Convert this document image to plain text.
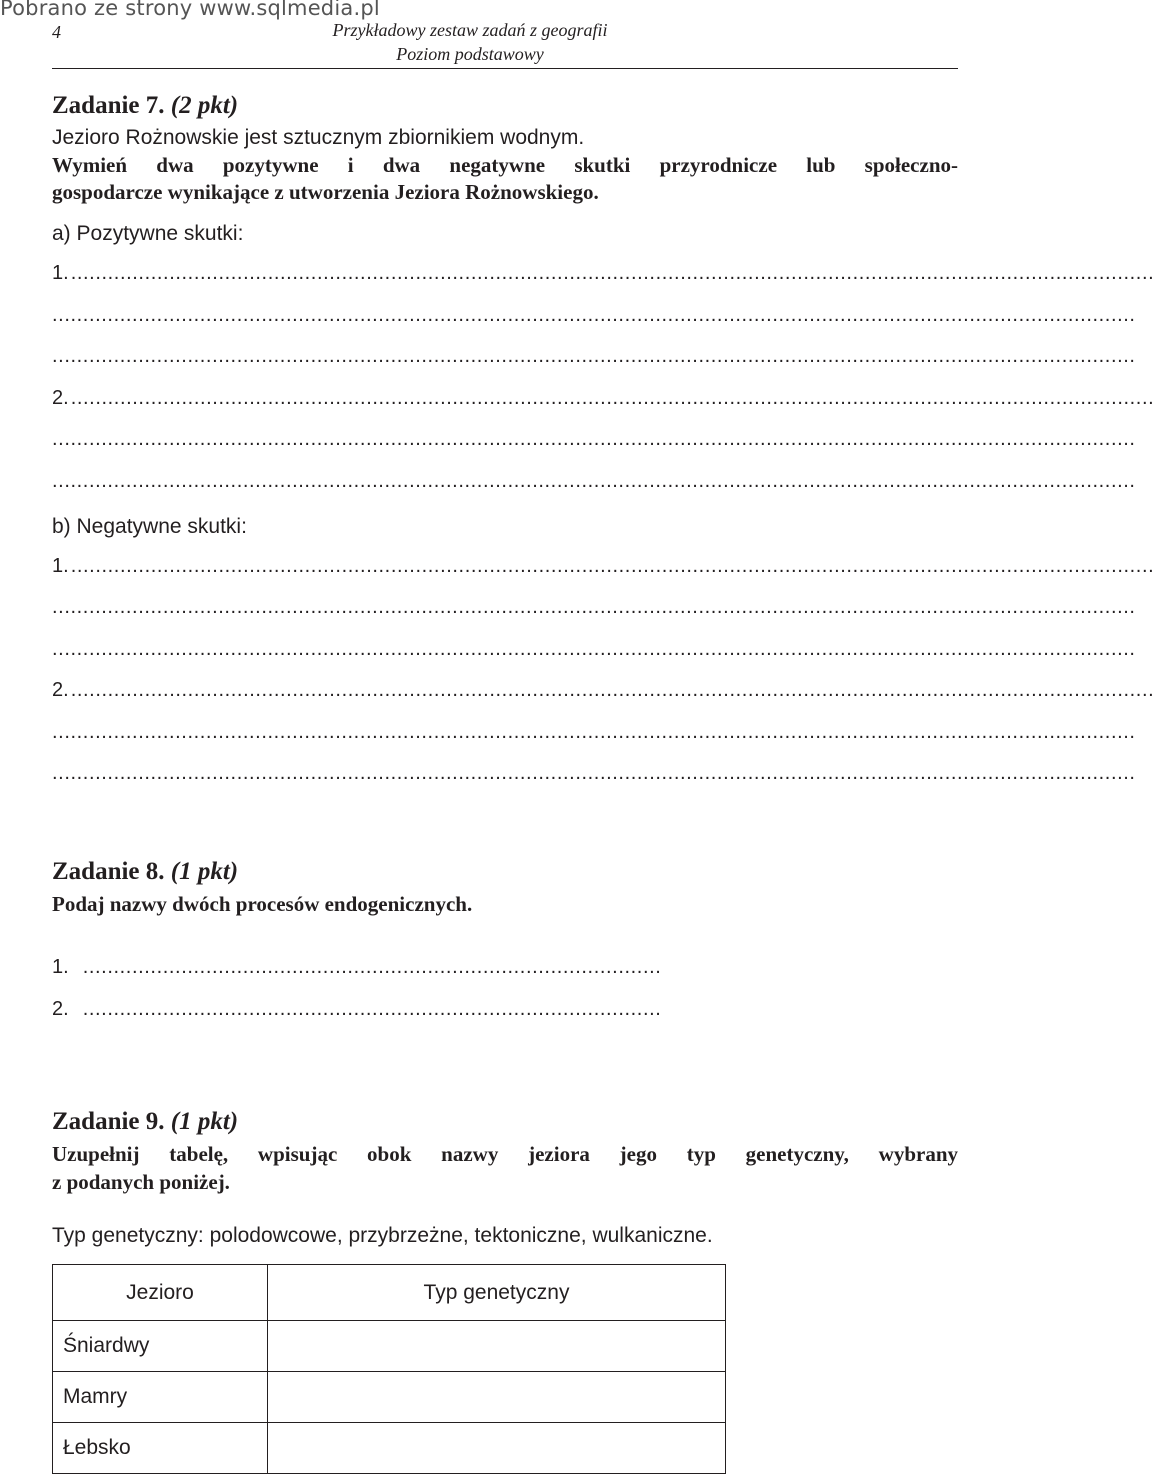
Pobrano ze strony www.sqlmedia.pl
4	Przykładowy zestaw zadań z geografii
Poziom podstawowy
Zadanie 7. (2 pkt)
Jezioro Rożnowskie jest sztucznym zbiornikiem wodnym.
Wymień dwa pozytywne i dwa negatywne skutki przyrodnicze lub społeczno-
gospodarcze wynikające z utworzenia Jeziora Rożnowskiego.
a) Pozytywne skutki:
1. ................................................................................................................................................................................
................................................................................................................................................................................
................................................................................................................................................................................
2. ................................................................................................................................................................................
................................................................................................................................................................................
................................................................................................................................................................................
b) Negatywne skutki:
1. ................................................................................................................................................................................
................................................................................................................................................................................
................................................................................................................................................................................
2. ................................................................................................................................................................................
................................................................................................................................................................................
................................................................................................................................................................................
Zadanie 8. (1 pkt)
Podaj nazwy dwóch procesów endogenicznych.
1. ..............................................................................................
2. ..............................................................................................
Zadanie 9. (1 pkt)
Uzupełnij tabelę, wpisując obok nazwy jeziora jego typ genetyczny, wybrany
z podanych poniżej.
Typ genetyczny: polodowcowe, przybrzeżne, tektoniczne, wulkaniczne.
Jezioro	Typ genetyczny
Śniardwy	
Mamry	
Łebsko	
